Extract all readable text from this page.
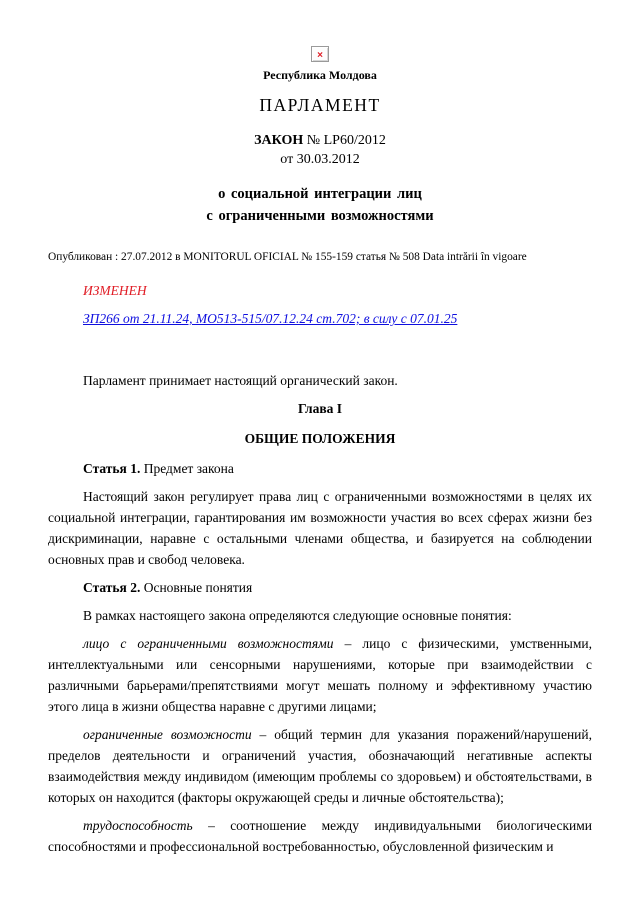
×
Республика Молдова
ПАРЛАМЕНТ
ЗАКОН № LP60/2012
от 30.03.2012
о социальной интеграции лиц
с ограниченными возможностями
Опубликован : 27.07.2012 в MONITORUL OFICIAL № 155-159 статья № 508 Data intrării în vigoare
ИЗМЕНЕН
ЗП266 от 21.11.24, МО513-515/07.12.24 ст.702; в силу с 07.01.25

Парламент принимает настоящий органический закон.

Глава I
ОБЩИЕ ПОЛОЖЕНИЯ

Статья 1. Предмет закона

Настоящий закон регулирует права лиц с ограниченными возможностями в целях их социальной интеграции, гарантирования им возможности участия во всех сферах жизни без дискриминации, наравне с остальными членами общества, и базируется на соблюдении основных прав и свобод человека.

Статья 2. Основные понятия

В рамках настоящего закона определяются следующие основные понятия:

лицо с ограниченными возможностями – лицо с физическими, умственными, интеллектуальными или сенсорными нарушениями, которые при взаимодействии с различными барьерами/препятствиями могут мешать полному и эффективному участию этого лица в жизни общества наравне с другими лицами;

ограниченные возможности – общий термин для указания поражений/нарушений, пределов деятельности и ограничений участия, обозначающий негативные аспекты взаимодействия между индивидом (имеющим проблемы со здоровьем) и обстоятельствами, в которых он находится (факторы окружающей среды и личные обстоятельства);

трудоспособность – соотношение между индивидуальными биологическими способностями и профессиональной востребованностью, обусловленной физическим и
